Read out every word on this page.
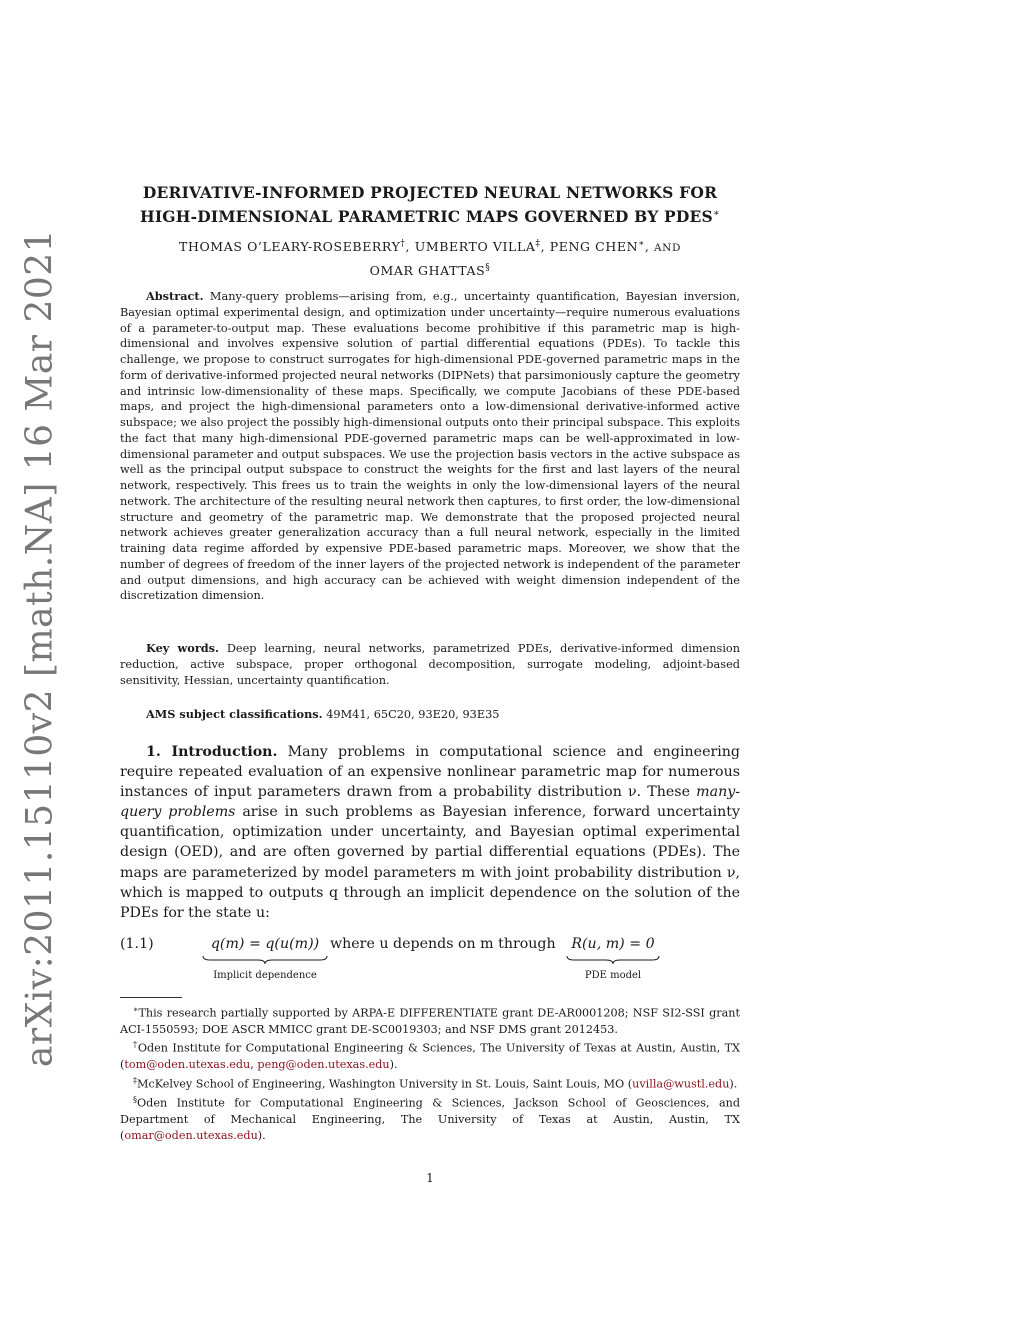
arXiv:2011.15110v2 [math.NA] 16 Mar 2021
DERIVATIVE-INFORMED PROJECTED NEURAL NETWORKS FOR
HIGH-DIMENSIONAL PARAMETRIC MAPS GOVERNED BY PDES∗
THOMAS O’LEARY-ROSEBERRY†, UMBERTO VILLA‡, PENG CHEN∗, AND
OMAR GHATTAS§
Abstract. Many-query problems—arising from, e.g., uncertainty quantification, Bayesian inversion, Bayesian optimal experimental design, and optimization under uncertainty—require numerous evaluations of a parameter-to-output map. These evaluations become prohibitive if this parametric map is high-dimensional and involves expensive solution of partial differential equations (PDEs). To tackle this challenge, we propose to construct surrogates for high-dimensional PDE-governed parametric maps in the form of derivative-informed projected neural networks (DIPNets) that parsimoniously capture the geometry and intrinsic low-dimensionality of these maps. Specifically, we compute Jacobians of these PDE-based maps, and project the high-dimensional parameters onto a low-dimensional derivative-informed active subspace; we also project the possibly high-dimensional outputs onto their principal subspace. This exploits the fact that many high-dimensional PDE-governed parametric maps can be well-approximated in low-dimensional parameter and output subspaces. We use the projection basis vectors in the active subspace as well as the principal output subspace to construct the weights for the first and last layers of the neural network, respectively. This frees us to train the weights in only the low-dimensional layers of the neural network. The architecture of the resulting neural network then captures, to first order, the low-dimensional structure and geometry of the parametric map. We demonstrate that the proposed projected neural network achieves greater generalization accuracy than a full neural network, especially in the limited training data regime afforded by expensive PDE-based parametric maps. Moreover, we show that the number of degrees of freedom of the inner layers of the projected network is independent of the parameter and output dimensions, and high accuracy can be achieved with weight dimension independent of the discretization dimension.
Key words. Deep learning, neural networks, parametrized PDEs, derivative-informed dimension reduction, active subspace, proper orthogonal decomposition, surrogate modeling, adjoint-based sensitivity, Hessian, uncertainty quantification.
AMS subject classifications. 49M41, 65C20, 93E20, 93E35
1. Introduction. Many problems in computational science and engineering require repeated evaluation of an expensive nonlinear parametric map for numerous instances of input parameters drawn from a probability distribution ν. These many-query problems arise in such problems as Bayesian inference, forward uncertainty quantification, optimization under uncertainty, and Bayesian optimal experimental design (OED), and are often governed by partial differential equations (PDEs). The maps are parameterized by model parameters m with joint probability distribution ν, which is mapped to outputs q through an implicit dependence on the solution of the PDEs for the state u:
(1.1)	q(m) = q(u(m))
Implicit dependence
where u depends on m through	R(u, m) = 0
PDE model

∗This research partially supported by ARPA-E DIFFERENTIATE grant DE-AR0001208; NSF SI2-SSI grant ACI-1550593; DOE ASCR MMICC grant DE-SC0019303; and NSF DMS grant 2012453.

†Oden Institute for Computational Engineering & Sciences, The University of Texas at Austin, Austin, TX (tom@oden.utexas.edu, peng@oden.utexas.edu).

‡McKelvey School of Engineering, Washington University in St. Louis, Saint Louis, MO (uvilla@wustl.edu).

§Oden Institute for Computational Engineering & Sciences, Jackson School of Geosciences, and Department of Mechanical Engineering, The University of Texas at Austin, Austin, TX (omar@oden.utexas.edu).

1
